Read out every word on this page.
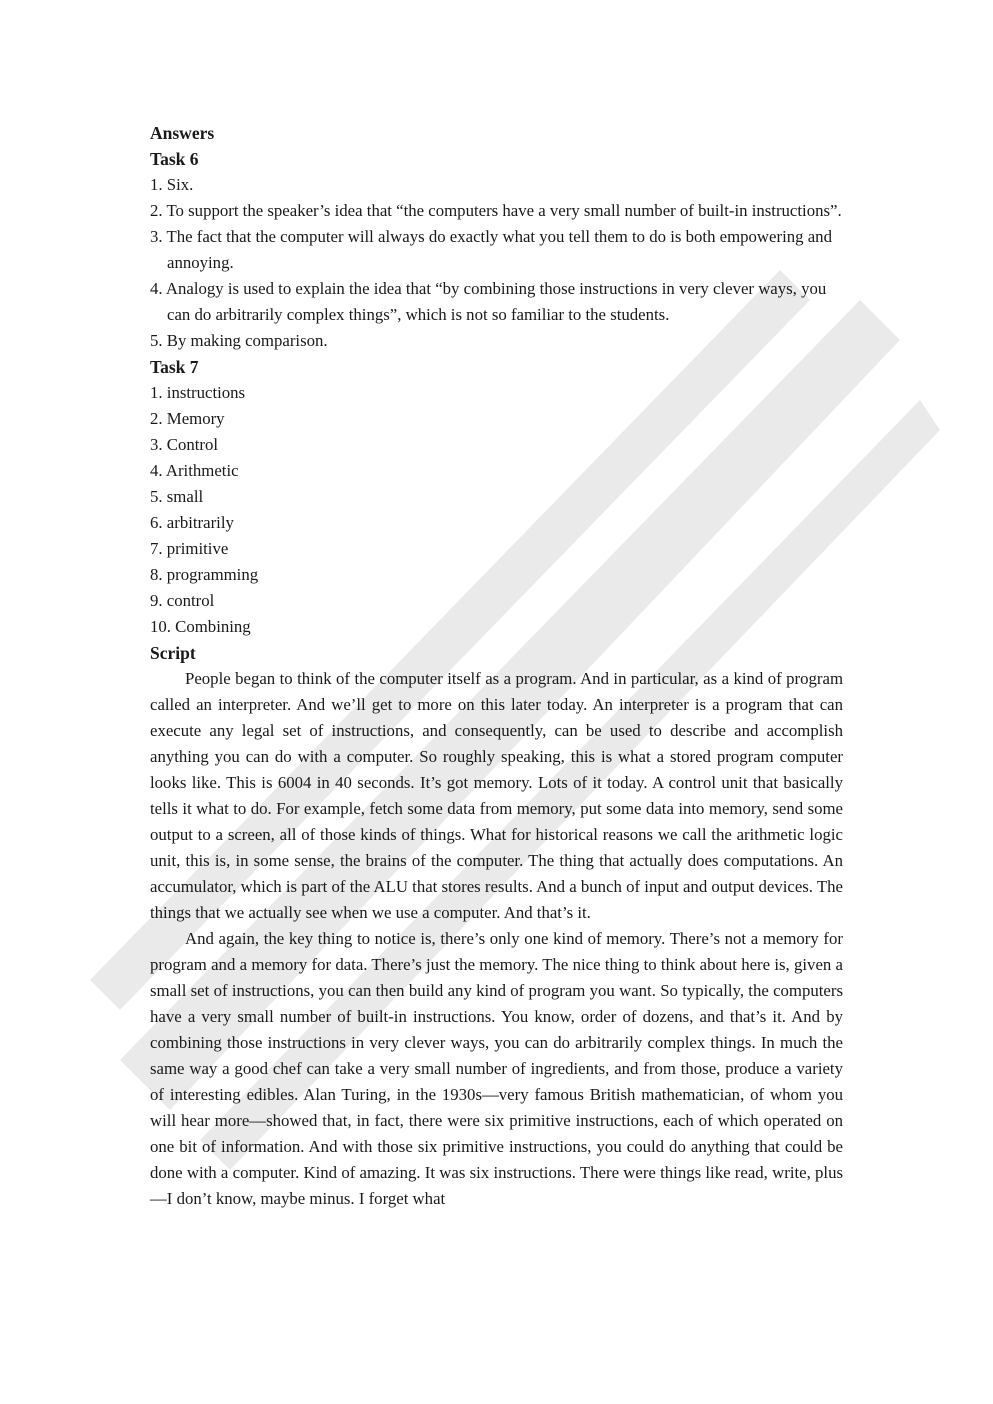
Answers
Task 6
1. Six.
2. To support the speaker’s idea that “the computers have a very small number of built-in instructions”.
3. The fact that the computer will always do exactly what you tell them to do is both empowering and annoying.
4. Analogy is used to explain the idea that “by combining those instructions in very clever ways, you can do arbitrarily complex things”, which is not so familiar to the students.
5. By making comparison.
Task 7
1. instructions
2. Memory
3. Control
4. Arithmetic
5. small
6. arbitrarily
7. primitive
8. programming
9. control
10. Combining
Script

People began to think of the computer itself as a program. And in particular, as a kind of program called an interpreter. And we’ll get to more on this later today. An interpreter is a program that can execute any legal set of instructions, and consequently, can be used to describe and accomplish anything you can do with a computer. So roughly speaking, this is what a stored program computer looks like. This is 6004 in 40 seconds. It’s got memory. Lots of it today. A control unit that basically tells it what to do. For example, fetch some data from memory, put some data into memory, send some output to a screen, all of those kinds of things. What for historical reasons we call the arithmetic logic unit, this is, in some sense, the brains of the computer. The thing that actually does computations. An accumulator, which is part of the ALU that stores results. And a bunch of input and output devices. The things that we actually see when we use a computer. And that’s it.

And again, the key thing to notice is, there’s only one kind of memory. There’s not a memory for program and a memory for data. There’s just the memory. The nice thing to think about here is, given a small set of instructions, you can then build any kind of program you want. So typically, the computers have a very small number of built-in instructions. You know, order of dozens, and that’s it. And by combining those instructions in very clever ways, you can do arbitrarily complex things. In much the same way a good chef can take a very small number of ingredients, and from those, produce a variety of interesting edibles. Alan Turing, in the 1930s—very famous British mathematician, of whom you will hear more—showed that, in fact, there were six primitive instructions, each of which operated on one bit of information. And with those six primitive instructions, you could do anything that could be done with a computer. Kind of amazing. It was six instructions. There were things like read, write, plus—I don’t know, maybe minus. I forget what
